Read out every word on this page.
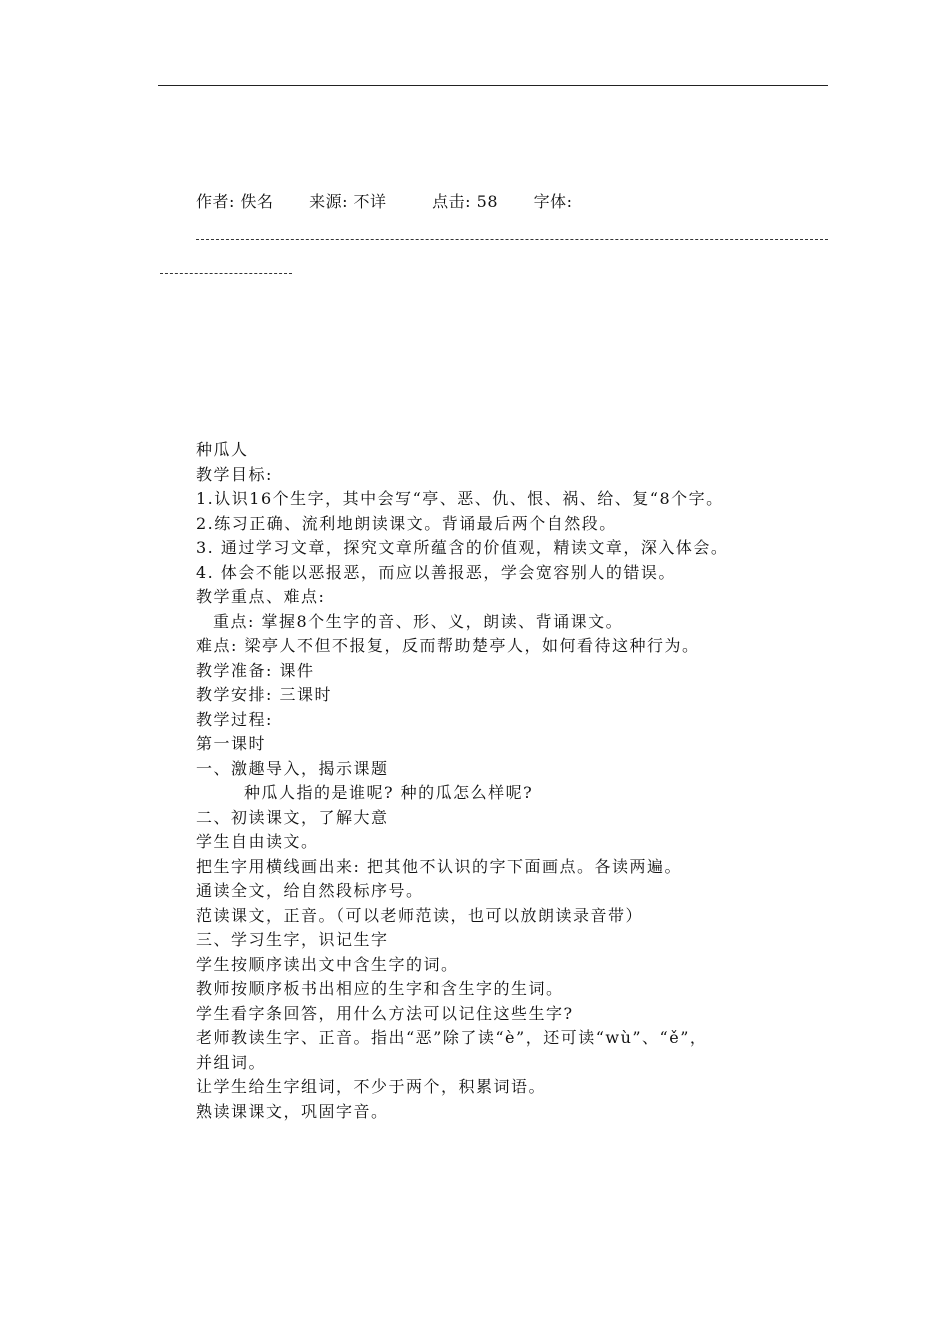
作者: 佚名 来源: 不详	点击: 58 字体:

种瓜人

教学目标:

1.认识16个生字，其中会写“亭、恶、仇、恨、祸、给、复“8个字。

2.练习正确、流利地朗读课文。背诵最后两个自然段。

3. 通过学习文章，探究文章所蕴含的价值观，精读文章，深入体会。

4. 体会不能以恶报恶，而应以善报恶，学会宽容别人的错误。

教学重点、难点:

重点: 掌握8个生字的音、形、义，朗读、背诵课文。

难点: 梁亭人不但不报复，反而帮助楚亭人，如何看待这种行为。

教学准备: 课件

教学安排: 三课时

教学过程:

第一课时

一、激趣导入，揭示课题

种瓜人指的是谁呢? 种的瓜怎么样呢?

二、初读课文，了解大意

学生自由读文。

把生字用横线画出来: 把其他不认识的字下面画点。各读两遍。

通读全文，给自然段标序号。

范读课文，正音。（可以老师范读，也可以放朗读录音带）

三、学习生字，识记生字

学生按顺序读出文中含生字的词。

教师按顺序板书出相应的生字和含生字的生词。

学生看字条回答，用什么方法可以记住这些生字?

老师教读生字、正音。指出“恶”除了读“è”，还可读“wù”、“ě”，

并组词。

让学生给生字组词，不少于两个，积累词语。

熟读课课文，巩固字音。
